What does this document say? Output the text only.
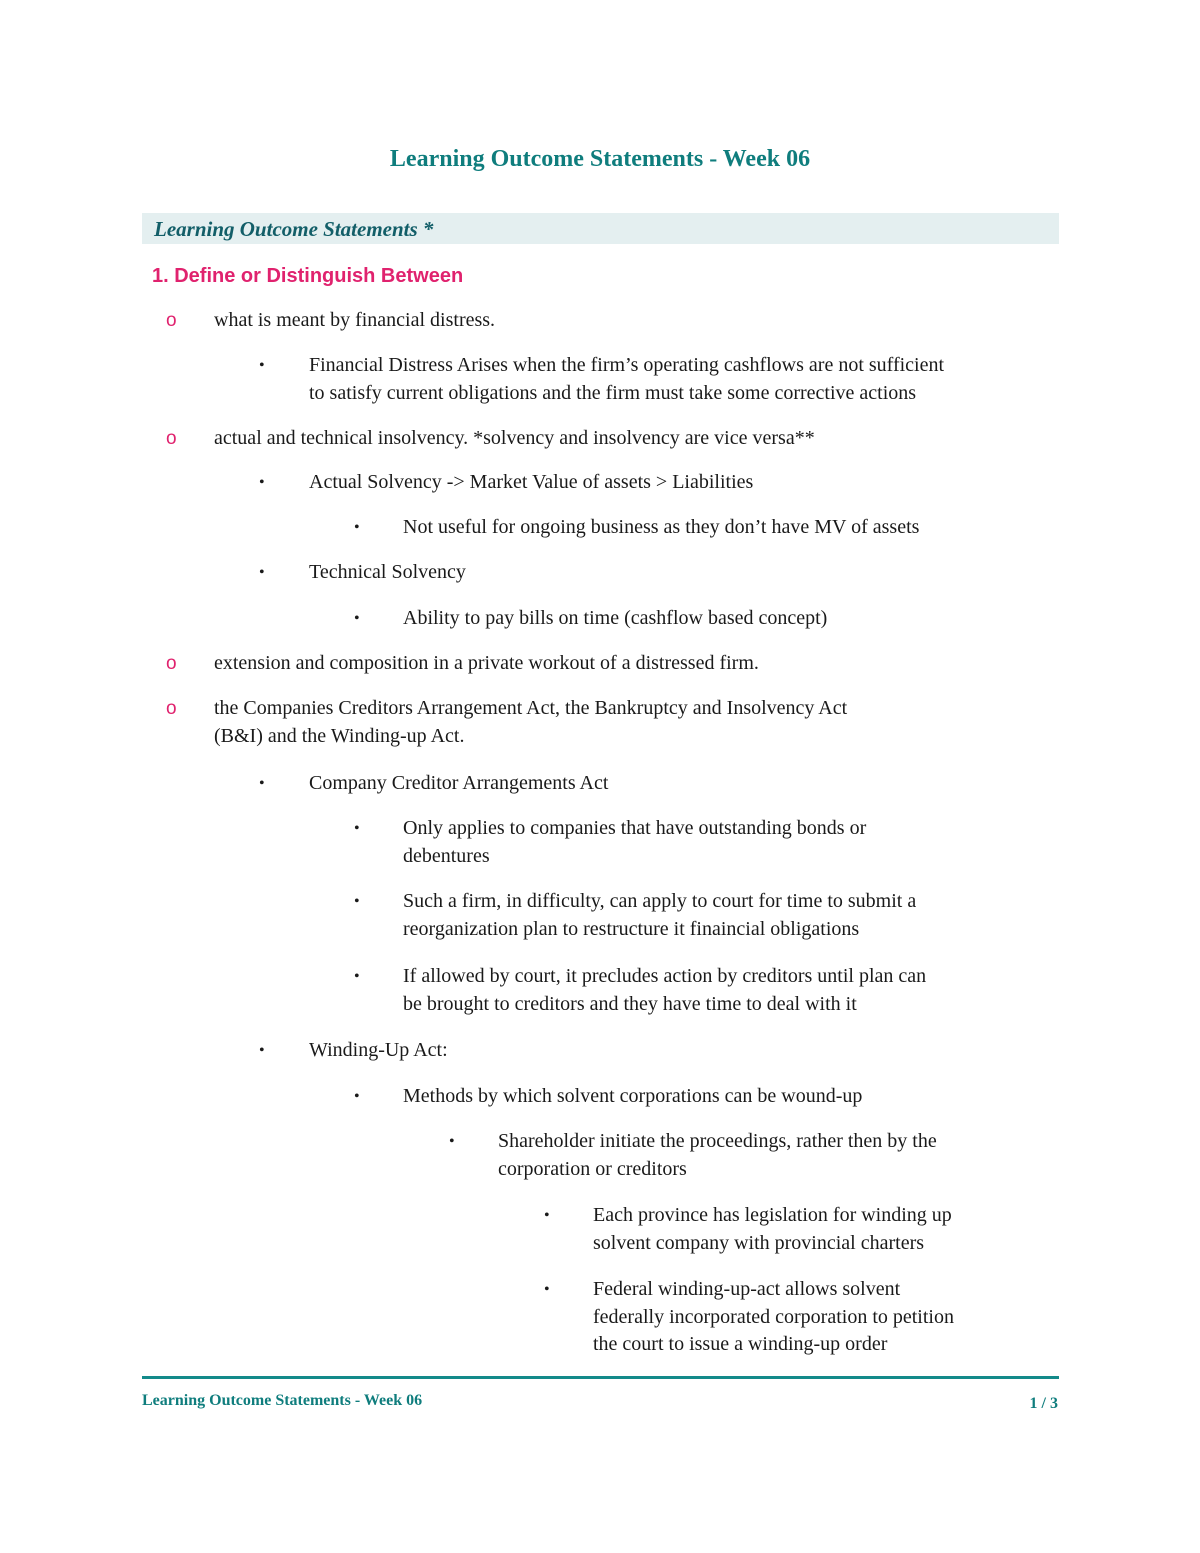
Learning Outcome Statements - Week 06
Learning Outcome Statements *
1. Define or Distinguish Between
o what is meant by financial distress.
• Financial Distress Arises when the firm’s operating cashflows are not sufficient
to satisfy current obligations and the firm must take some corrective actions
o actual and technical insolvency. *solvency and insolvency are vice versa**
• Actual Solvency -> Market Value of assets > Liabilities
• Not useful for ongoing business as they don’t have MV of assets
• Technical Solvency
• Ability to pay bills on time (cashflow based concept)
o extension and composition in a private workout of a distressed firm.
o the Companies Creditors Arrangement Act, the Bankruptcy and Insolvency Act
(B&I) and the Winding-up Act.
• Company Creditor Arrangements Act
• Only applies to companies that have outstanding bonds or
debentures
• Such a firm, in difficulty, can apply to court for time to submit a
reorganization plan to restructure it finaincial obligations
• If allowed by court, it precludes action by creditors until plan can
be brought to creditors and they have time to deal with it
• Winding-Up Act:
• Methods by which solvent corporations can be wound-up
• Shareholder initiate the proceedings, rather then by the
corporation or creditors
• Each province has legislation for winding up
solvent company with provincial charters
• Federal winding-up-act allows solvent
federally incorporated corporation to petition
the court to issue a winding-up order
Learning Outcome Statements - Week 06	1 / 3
